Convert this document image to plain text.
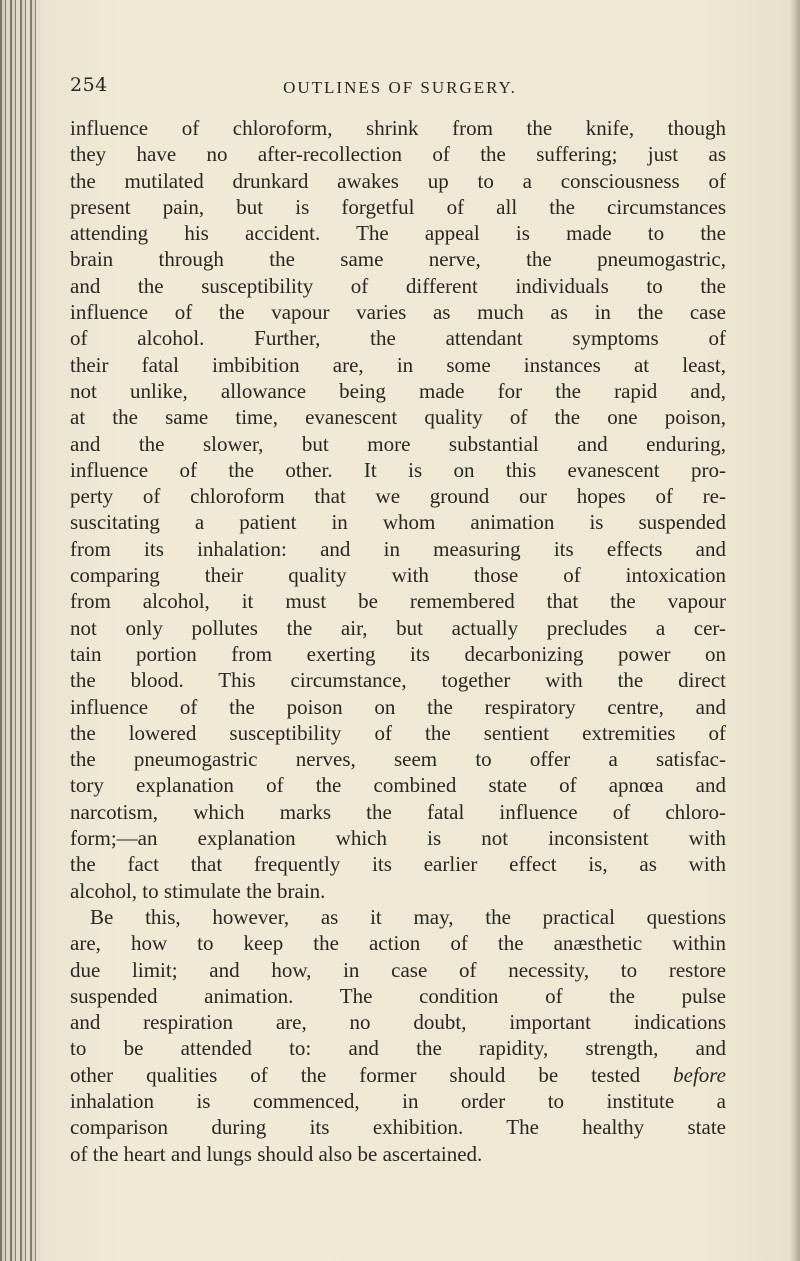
254	OUTLINES OF SURGERY.
influence of chloroform, shrink from the knife, though
they have no after-recollection of the suffering; just as
the mutilated drunkard awakes up to a consciousness of
present pain, but is forgetful of all the circumstances
attending his accident. The appeal is made to the
brain through the same nerve, the pneumogastric,
and the susceptibility of different individuals to the
influence of the vapour varies as much as in the case
of alcohol. Further, the attendant symptoms of
their fatal imbibition are, in some instances at least,
not unlike, allowance being made for the rapid and,
at the same time, evanescent quality of the one poison,
and the slower, but more substantial and enduring,
influence of the other. It is on this evanescent pro-
perty of chloroform that we ground our hopes of re-
suscitating a patient in whom animation is suspended
from its inhalation: and in measuring its effects and
comparing their quality with those of intoxication
from alcohol, it must be remembered that the vapour
not only pollutes the air, but actually precludes a cer-
tain portion from exerting its decarbonizing power on
the blood. This circumstance, together with the direct
influence of the poison on the respiratory centre, and
the lowered susceptibility of the sentient extremities of
the pneumogastric nerves, seem to offer a satisfac-
tory explanation of the combined state of apnœa and
narcotism, which marks the fatal influence of chloro-
form;—an explanation which is not inconsistent with
the fact that frequently its earlier effect is, as with
alcohol, to stimulate the brain.
Be this, however, as it may, the practical questions
are, how to keep the action of the anæsthetic within
due limit; and how, in case of necessity, to restore
suspended animation. The condition of the pulse
and respiration are, no doubt, important indications
to be attended to: and the rapidity, strength, and
other qualities of the former should be tested before
inhalation is commenced, in order to institute a
comparison during its exhibition. The healthy state
of the heart and lungs should also be ascertained.
